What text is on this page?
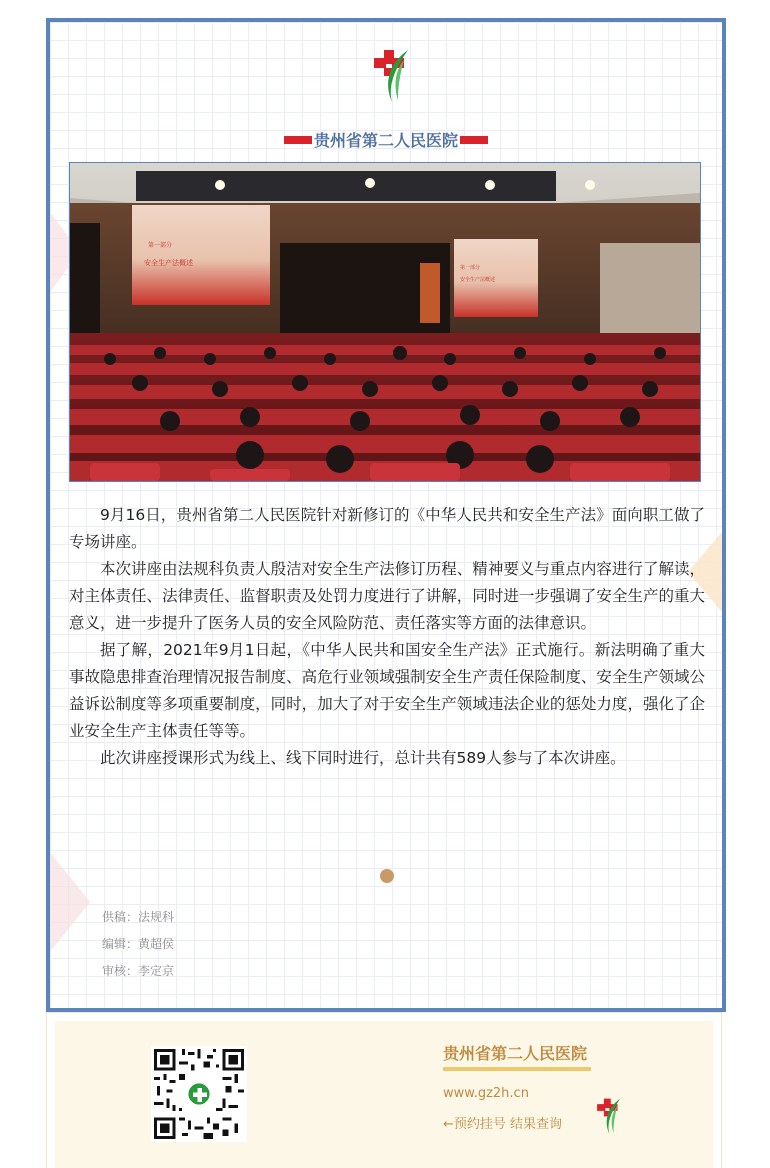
贵州省第二人民医院
第一部分
安全生产法概述
第一部分
安全生产法概述

9月16日，贵州省第二人民医院针对新修订的《中华人民共和安全生产法》面向职工做了专场讲座。

本次讲座由法规科负责人殷洁对安全生产法修订历程、精神要义与重点内容进行了解读，对主体责任、法律责任、监督职责及处罚力度进行了讲解，同时进一步强调了安全生产的重大意义，进一步提升了医务人员的安全风险防范、责任落实等方面的法律意识。

据了解，2021年9月1日起，《中华人民共和国安全生产法》正式施行。新法明确了重大事故隐患排查治理情况报告制度、高危行业领域强制安全生产责任保险制度、安全生产领域公益诉讼制度等多项重要制度，同时，加大了对于安全生产领域违法企业的惩处力度，强化了企业安全生产主体责任等等。

此次讲座授课形式为线上、线下同时进行，总计共有589人参与了本次讲座。

供稿：法规科
编辑：黄超侯
审核：李定京
贵州省第二人民医院
www.gz2h.cn
←预约挂号 结果查询
